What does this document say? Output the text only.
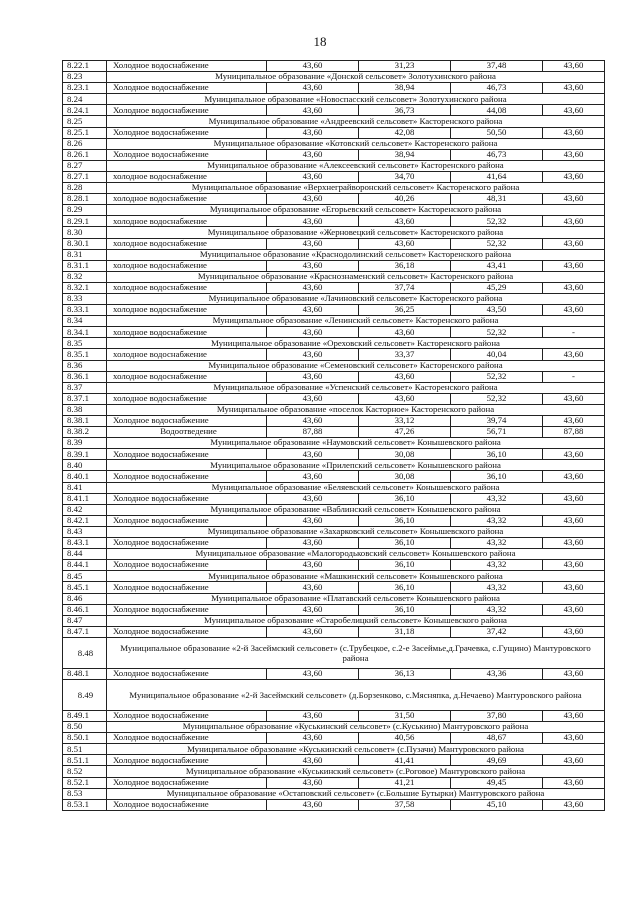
18
8.22.1	Холодное водоснабжение	43,60	31,23	37,48	43,60
8.23	Муниципальное образование «Донской сельсовет» Золотухинского района				
8.23.1	Холодное водоснабжение	43,60	38,94	46,73	43,60
8.24	Муниципальное образование «Новоспасский сельсовет» Золотухинского района				
8.24.1	Холодное водоснабжение	43,60	36,73	44,08	43,60
8.25	Муниципальное образование «Андреевский сельсовет» Касторенского района				
8.25.1	Холодное водоснабжение	43,60	42,08	50,50	43,60
8.26	Муниципальное образование «Котовский сельсовет» Касторенского района				
8.26.1	Холодное водоснабжение	43,60	38,94	46,73	43,60
8.27	Муниципальное образование «Алексеевский сельсовет» Касторенского района				
8.27.1	холодное водоснабжение	43,60	34,70	41,64	43,60
8.28	Муниципальное образование «Верхнеграйворонский сельсовет» Касторенского района				
8.28.1	холодное водоснабжение	43,60	40,26	48,31	43,60
8.29	Муниципальное образование «Егорьевский сельсовет» Касторенского района				
8.29.1	холодное водоснабжение	43,60	43,60	52,32	43,60
8.30	Муниципальное образование «Жерновецкий сельсовет» Касторенского района				
8.30.1	холодное водоснабжение	43,60	43,60	52,32	43,60
8.31	Муниципальное образование «Краснодолинский сельсовет» Касторенского района				
8.31.1	холодное водоснабжение	43,60	36,18	43,41	43,60
8.32	Муниципальное образование «Краснознаменский сельсовет» Касторенского района				
8.32.1	холодное водоснабжение	43,60	37,74	45,29	43,60
8.33	Муниципальное образование «Лачиновский сельсовет» Касторенского района				
8.33.1	холодное водоснабжение	43,60	36,25	43,50	43,60
8.34	Муниципальное образование «Ленинский сельсовет» Касторенского района				
8.34.1	холодное водоснабжение	43,60	43,60	52,32	-
8.35	Муниципальное образование «Ореховский сельсовет» Касторенского района				
8.35.1	холодное водоснабжение	43,60	33,37	40,04	43,60
8.36	Муниципальное образование «Семеновский сельсовет» Касторенского района				
8.36.1	холодное водоснабжение	43,60	43,60	52,32	-
8.37	Муниципальное образование «Успенский сельсовет» Касторенского района				
8.37.1	холодное водоснабжение	43,60	43,60	52,32	43,60
8.38	Муниципальное образование «поселок Касторное» Касторенского района				
8.38.1	Холодное водоснабжение	43,60	33,12	39,74	43,60
8.38.2	Водоотведение	87,88	47,26	56,71	87,88
8.39	Муниципальное образование «Наумовский сельсовет» Конышевского района				
8.39.1	Холодное водоснабжение	43,60	30,08	36,10	43,60
8.40	Муниципальное образование «Прилепский сельсовет» Конышевского района				
8.40.1	Холодное водоснабжение	43,60	30,08	36,10	43,60
8.41	Муниципальное образование «Беляевский сельсовет» Конышевского района				
8.41.1	Холодное водоснабжение	43,60	36,10	43,32	43,60
8.42	Муниципальное образование «Ваблинский сельсовет» Конышевского района				
8.42.1	Холодное водоснабжение	43,60	36,10	43,32	43,60
8.43	Муниципальное образование «Захарковский сельсовет» Конышевского района				
8.43.1	Холодное водоснабжение	43,60	36,10	43,32	43,60
8.44	Муниципальное образование «Малогородьковский сельсовет» Конышевского района				
8.44.1	Холодное водоснабжение	43,60	36,10	43,32	43,60
8.45	Муниципальное образование «Машкинский сельсовет» Конышевского района				
8.45.1	Холодное водоснабжение	43,60	36,10	43,32	43,60
8.46	Муниципальное образование «Платавский сельсовет» Конышевского района				
8.46.1	Холодное водоснабжение	43,60	36,10	43,32	43,60
8.47	Муниципальное образование «Старобелицкий сельсовет» Конышевского района				
8.47.1	Холодное водоснабжение	43,60	31,18	37,42	43,60
8.48	Муниципальное образование «2-й Засеймский сельсовет» (с.Трубецкое, с.2-е Засеймье,д.Грачевка, с.Гущино) Мантуровского района				
8.48.1	Холодное водоснабжение	43,60	36,13	43,36	43,60
8.49	Муниципальное образование «2-й Засеймский сельсовет» (д.Борзенково, с.Мясняпка, д.Нечаево) Мантуровского района				
8.49.1	Холодное водоснабжение	43,60	31,50	37,80	43,60
8.50	Муниципальное образование «Куськинский сельсовет» (с.Куськино) Мантуровского района				
8.50.1	Холодное водоснабжение	43,60	40,56	48,67	43,60
8.51	Муниципальное образование «Куськинский сельсовет» (с.Пузачи) Мантуровского района				
8.51.1	Холодное водоснабжение	43,60	41,41	49,69	43,60
8.52	Муниципальное образование «Куськинский сельсовет» (с.Роговое) Мантуровского района				
8.52.1	Холодное водоснабжение	43,60	41,21	49,45	43,60
8.53	Муниципальное образование «Остаповский сельсовет» (с.Большие Бутырки) Мантуровского района				
8.53.1	Холодное водоснабжение	43,60	37,58	45,10	43,60
